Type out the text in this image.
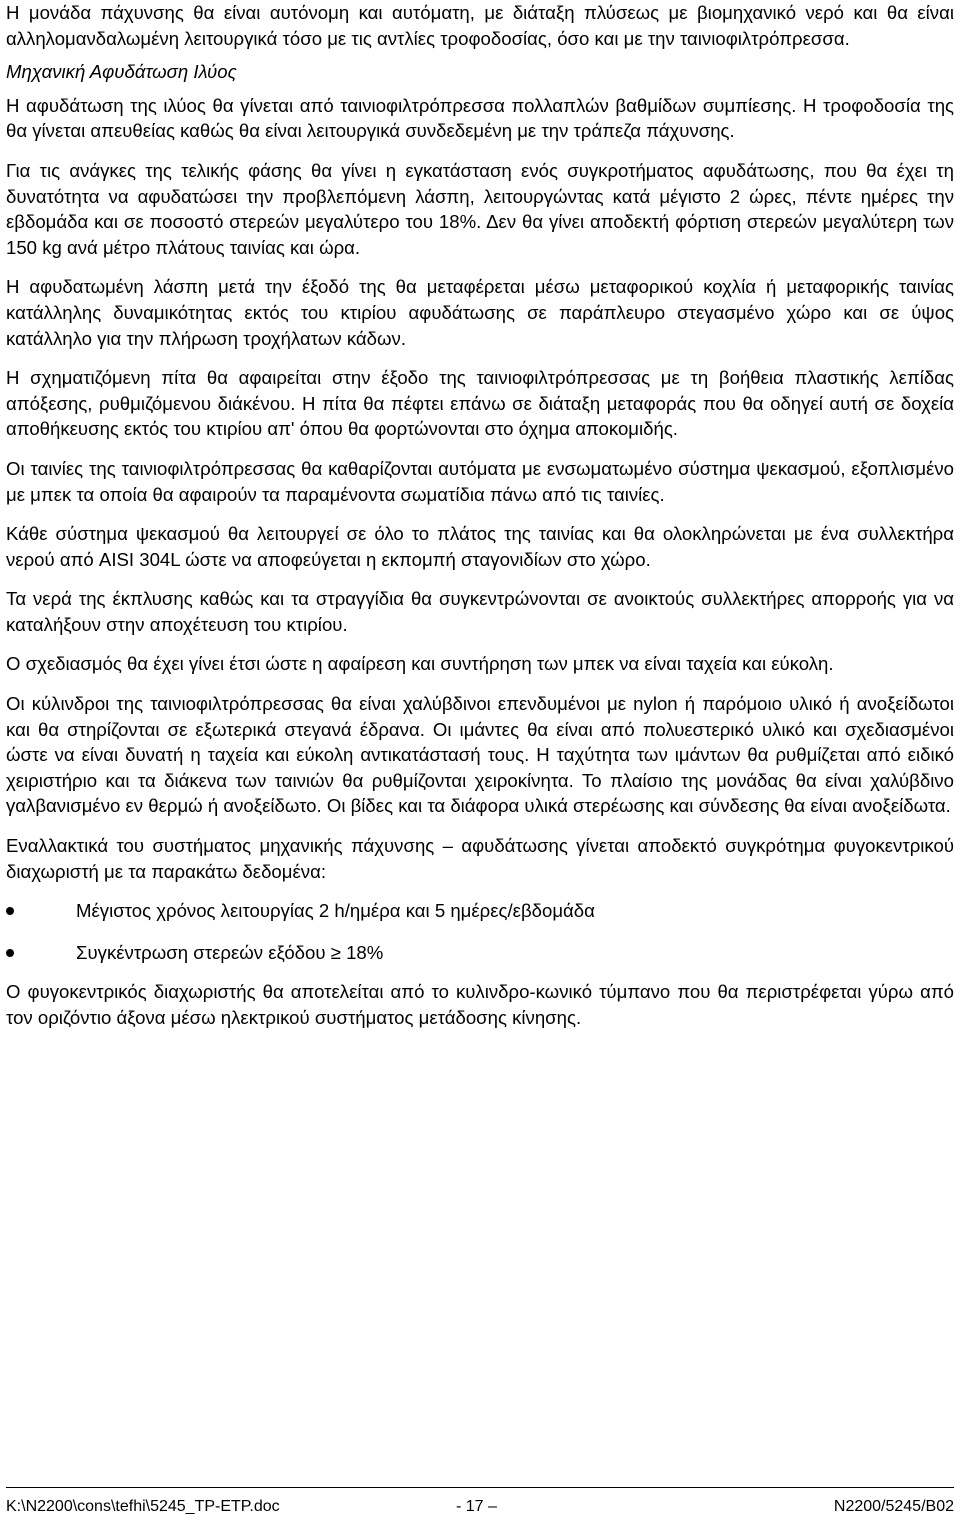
Η μονάδα πάχυνσης θα είναι αυτόνομη και αυτόματη, με διάταξη πλύσεως με βιομηχανικό νερό και θα είναι αλληλομανδαλωμένη λειτουργικά τόσο με τις αντλίες τροφοδοσίας, όσο και με την ταινιοφιλτρόπρεσσα.

Μηχανική Αφυδάτωση Ιλύος

Η αφυδάτωση της ιλύος θα γίνεται από ταινιοφιλτρόπρεσσα πολλαπλών βαθμίδων συμπίεσης. Η τροφοδοσία της θα γίνεται απευθείας καθώς θα είναι λειτουργικά συνδεδεμένη με την τράπεζα πάχυνσης.

Για τις ανάγκες της τελικής φάσης θα γίνει η εγκατάσταση ενός συγκροτήματος αφυδάτωσης, που θα έχει τη δυνατότητα να αφυδατώσει την προβλεπόμενη λάσπη, λειτουργώντας κατά μέγιστο 2 ώρες, πέντε ημέρες την εβδομάδα και σε ποσοστό στερεών μεγαλύτερο του 18%. Δεν θα γίνει αποδεκτή φόρτιση στερεών μεγαλύτερη των 150 kg ανά μέτρο πλάτους ταινίας και ώρα.

Η αφυδατωμένη λάσπη μετά την έξοδό της θα μεταφέρεται μέσω μεταφορικού κοχλία ή μεταφορικής ταινίας κατάλληλης δυναμικότητας εκτός του κτιρίου αφυδάτωσης σε παράπλευρο στεγασμένο χώρο και σε ύψος κατάλληλο για την πλήρωση τροχήλατων κάδων.

Η σχηματιζόμενη πίτα θα αφαιρείται στην έξοδο της ταινιοφιλτρόπρεσσας με τη βοήθεια πλαστικής λεπίδας απόξεσης, ρυθμιζόμενου διάκένου. Η πίτα θα πέφτει επάνω σε διάταξη μεταφοράς που θα οδηγεί αυτή σε δοχεία αποθήκευσης εκτός του κτιρίου απ' όπου θα φορτώνονται στο όχημα αποκομιδής.

Οι ταινίες της ταινιοφιλτρόπρεσσας θα καθαρίζονται αυτόματα με ενσωματωμένο σύστημα ψεκασμού, εξοπλισμένο με μπεκ τα οποία θα αφαιρούν τα παραμένοντα σωματίδια πάνω από τις ταινίες.

Κάθε σύστημα ψεκασμού θα λειτουργεί σε όλο το πλάτος της ταινίας και θα ολοκληρώνεται με ένα συλλεκτήρα νερού από AISI 304L ώστε να αποφεύγεται η εκπομπή σταγονιδίων στο χώρο.

Τα νερά της έκπλυσης καθώς και τα στραγγίδια θα συγκεντρώνονται σε ανοικτούς συλλεκτήρες απορροής για να καταλήξουν στην αποχέτευση του κτιρίου.

Ο σχεδιασμός θα έχει γίνει έτσι ώστε η αφαίρεση και συντήρηση των μπεκ να είναι ταχεία και εύκολη.

Οι κύλινδροι της ταινιοφιλτρόπρεσσας θα είναι χαλύβδινοι επενδυμένοι με nylon ή παρόμοιο υλικό ή ανοξείδωτοι και θα στηρίζονται σε εξωτερικά στεγανά έδρανα. Οι ιμάντες θα είναι από πολυεστερικό υλικό και σχεδιασμένοι ώστε να είναι δυνατή η ταχεία και εύκολη αντικατάστασή τους. Η ταχύτητα των ιμάντων θα ρυθμίζεται από ειδικό χειριστήριο και τα διάκενα των ταινιών θα ρυθμίζονται χειροκίνητα. Το πλαίσιο της μονάδας θα είναι χαλύβδινο γαλβανισμένο εν θερμώ ή ανοξείδωτο. Οι βίδες και τα διάφορα υλικά στερέωσης και σύνδεσης θα είναι ανοξείδωτα.

Εναλλακτικά του συστήματος μηχανικής πάχυνσης – αφυδάτωσης γίνεται αποδεκτό συγκρότημα φυγοκεντρικού διαχωριστή με τα παρακάτω δεδομένα:

Μέγιστος χρόνος λειτουργίας 2 h/ημέρα και 5 ημέρες/εβδομάδα
Συγκέντρωση στερεών εξόδου ≥ 18%

Ο φυγοκεντρικός διαχωριστής θα αποτελείται από το κυλινδρο-κωνικό τύμπανο που θα περιστρέφεται γύρω από τον οριζόντιο άξονα μέσω ηλεκτρικού συστήματος μετάδοσης κίνησης.

K:\N2200\cons\tefhi\5245_TP-ETP.doc	- 17 –	N2200/5245/B02
